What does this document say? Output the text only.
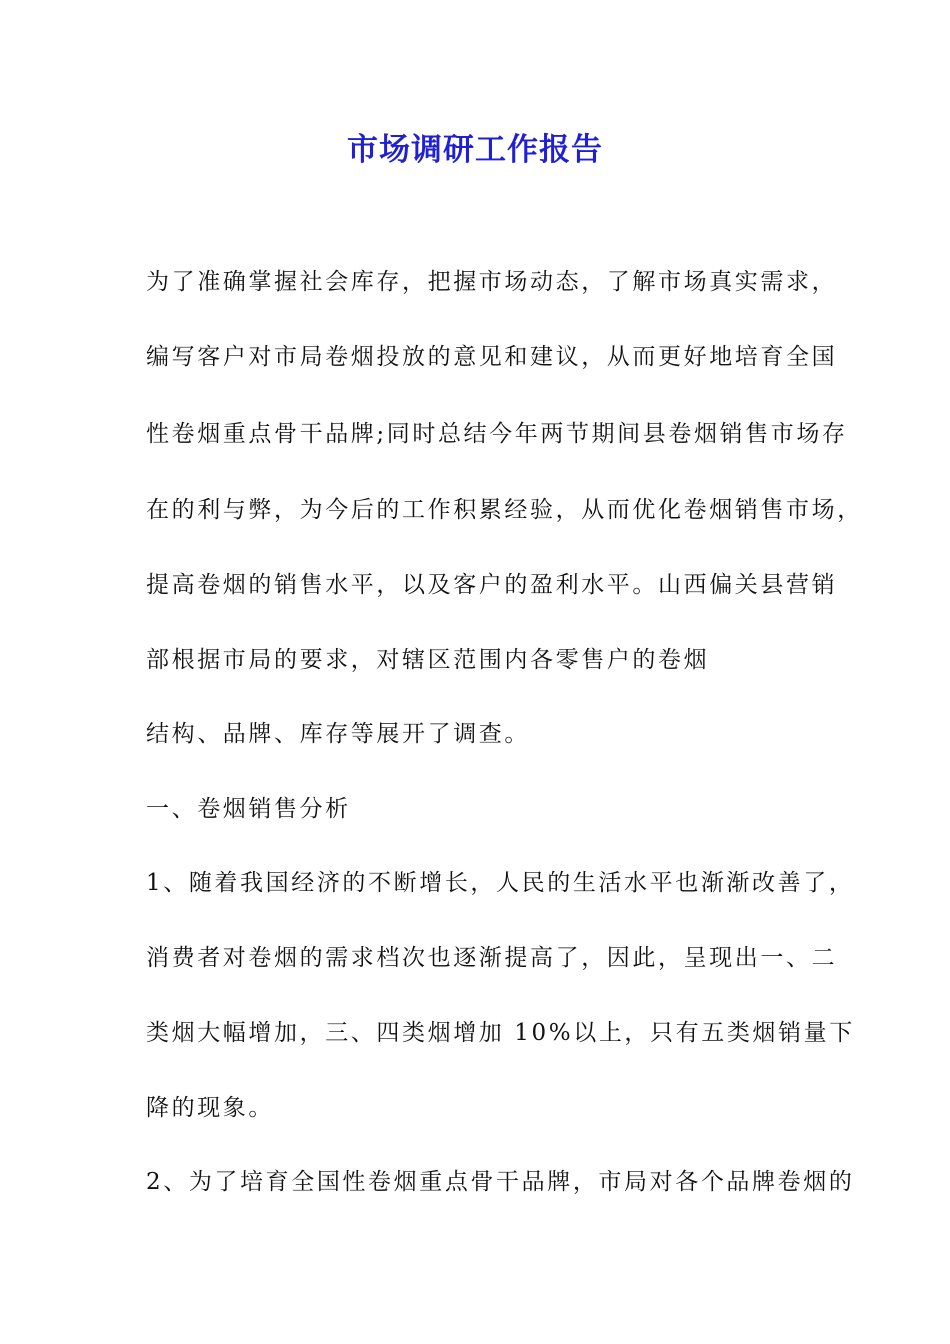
市场调研工作报告

为了准确掌握社会库存，把握市场动态，了解市场真实需求，

编写客户对市局卷烟投放的意见和建议，从而更好地培育全国

性卷烟重点骨干品牌;同时总结今年两节期间县卷烟销售市场存

在的利与弊，为今后的工作积累经验，从而优化卷烟销售市场，

提高卷烟的销售水平，以及客户的盈利水平。山西偏关县营销

部根据市局的要求，对辖区范围内各零售户的卷烟

结构、品牌、库存等展开了调查。

一、卷烟销售分析

1、随着我国经济的不断增长，人民的生活水平也渐渐改善了，

消费者对卷烟的需求档次也逐渐提高了，因此，呈现出一、二

类烟大幅增加，三、四类烟增加 10%以上，只有五类烟销量下

降的现象。

2、为了培育全国性卷烟重点骨干品牌，市局对各个品牌卷烟的
